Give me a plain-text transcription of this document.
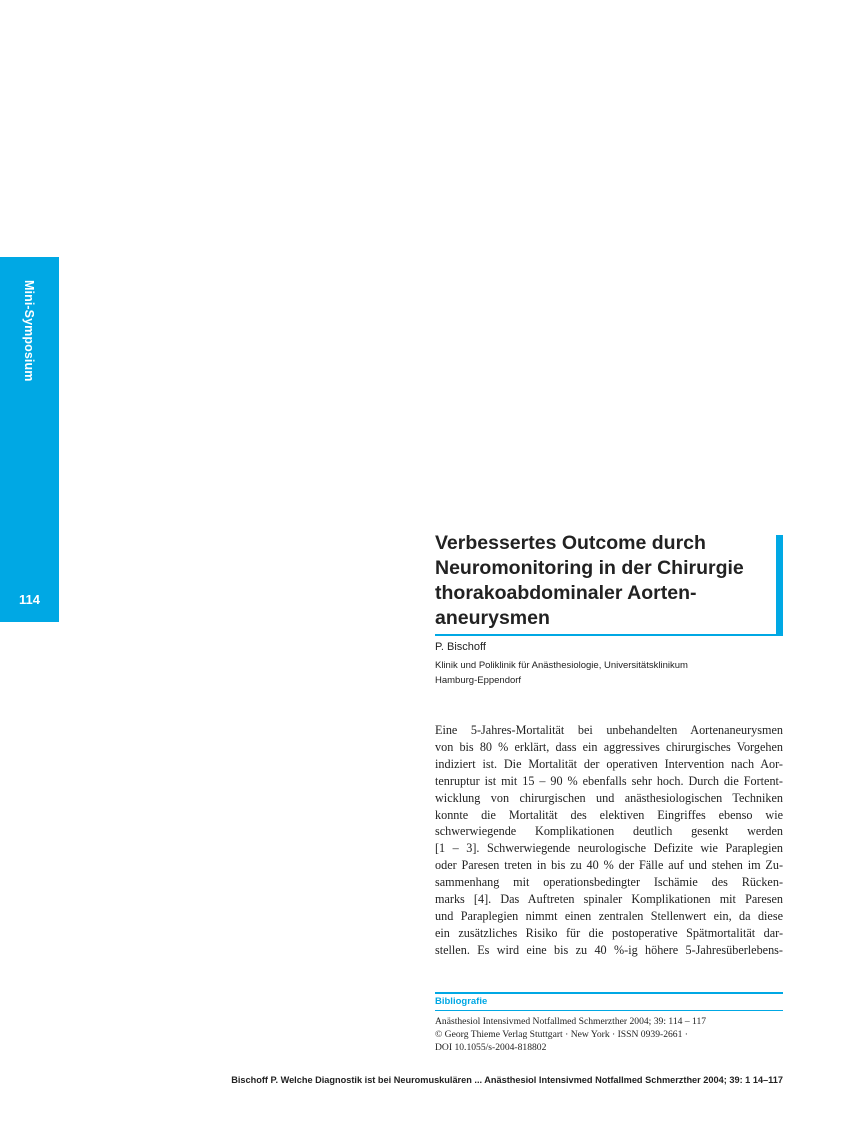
Mini-Symposium
114
Verbessertes Outcome durch
Neuromonitoring in der Chirurgie
thorakoabdominaler Aorten-
aneurysmen
P. Bischoff
Klinik und Poliklinik für Anästhesiologie, Universitätsklinikum
Hamburg-Eppendorf

Eine 5-Jahres-Mortalität bei unbehandelten Aortenaneurysmen
von bis 80 % erklärt, dass ein aggressives chirurgisches Vorgehen
indiziert ist. Die Mortalität der operativen Intervention nach Aor-
tenruptur ist mit 15 – 90 % ebenfalls sehr hoch. Durch die Fortent-
wicklung von chirurgischen und anästhesiologischen Techniken
konnte die Mortalität des elektiven Eingriffes ebenso wie
schwerwiegende Komplikationen deutlich gesenkt werden
[1 – 3]. Schwerwiegende neurologische Defizite wie Paraplegien
oder Paresen treten in bis zu 40 % der Fälle auf und stehen im Zu-
sammenhang mit operationsbedingter Ischämie des Rücken-
marks [4]. Das Auftreten spinaler Komplikationen mit Paresen
und Paraplegien nimmt einen zentralen Stellenwert ein, da diese
ein zusätzliches Risiko für die postoperative Spätmortalität dar-
stellen. Es wird eine bis zu 40 %-ig höhere 5-Jahresüberlebens-

Bibliografie
Anästhesiol Intensivmed Notfallmed Schmerzther 2004; 39: 114 – 117
© Georg Thieme Verlag Stuttgart · New York · ISSN 0939-2661 ·
DOI 10.1055/s-2004-818802
Bischoff P. Welche Diagnostik ist bei Neuromuskulären ... Anästhesiol Intensivmed Notfallmed Schmerzther 2004; 39: 1 14–117
